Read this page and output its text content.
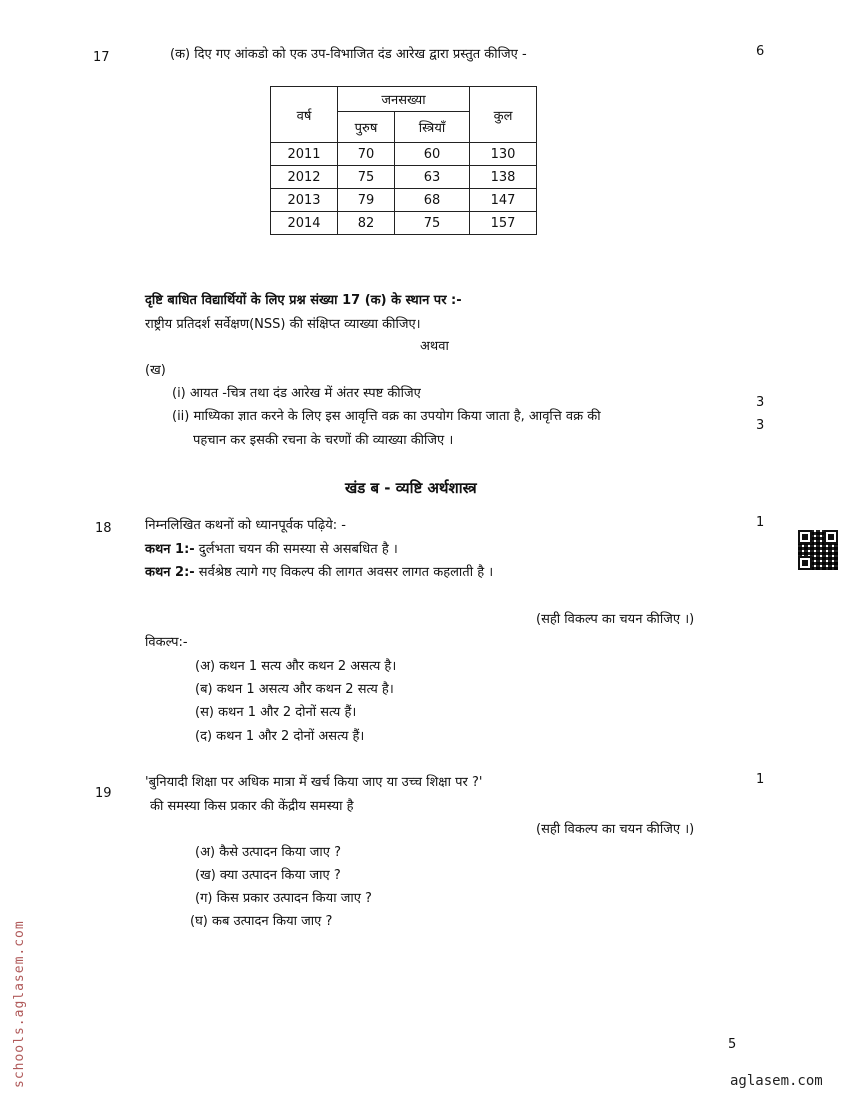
17	(क) दिए गए आंकडो को एक उप-विभाजित दंड आरेख द्वारा प्रस्तुत कीजिए -	6
वर्ष	जनसख्या		कुल
	पुरुष	स्त्रियाँ	
2011	70	60	130
2012	75	63	138
2013	79	68	147
2014	82	75	157
दृष्टि बाधित विद्यार्थियों के लिए प्रश्न संख्या 17 (क) के स्थान पर :-
राष्ट्रीय प्रतिदर्श सर्वेक्षण(NSS) की संक्षिप्त व्याख्या कीजिए।
अथवा
(ख)
(i) आयत -चित्र तथा दंड आरेख में अंतर स्पष्ट कीजिए
3
(ii) माध्यिका ज्ञात करने के लिए इस आवृत्ति वक्र का उपयोग किया जाता है, आवृत्ति वक्र की
3
पहचान कर इसकी रचना के चरणों की व्याख्या कीजिए ।
खंड ब - व्यष्टि अर्थशास्त्र
18	निम्नलिखित कथनों को ध्यानपूर्वक पढ़िये: -	1
कथन 1:- दुर्लभता चयन की समस्या से असबधित है ।
कथन 2:- सर्वश्रेष्ठ त्यागे गए विकल्प की लागत अवसर लागत कहलाती है ।
(सही विकल्प का चयन कीजिए ।)
विकल्प:-
(अ) कथन 1 सत्य और कथन 2 असत्य है।
(ब) कथन 1 असत्य और कथन 2 सत्य है।
(स) कथन 1 और 2 दोनों सत्य हैं।
(द) कथन 1 और 2 दोनों असत्य हैं।
19
'बुनियादी शिक्षा पर अधिक मात्रा में खर्च किया जाए या उच्च शिक्षा पर ?'	1
की समस्या किस प्रकार की केंद्रीय समस्या है
(सही विकल्प का चयन कीजिए ।)
(अ) कैसे उत्पादन किया जाए ?
(ख) क्या उत्पादन किया जाए ?
(ग) किस प्रकार उत्पादन किया जाए ?
(घ) कब उत्पादन किया जाए ?
5
schools.aglasem.com	aglasem.com
